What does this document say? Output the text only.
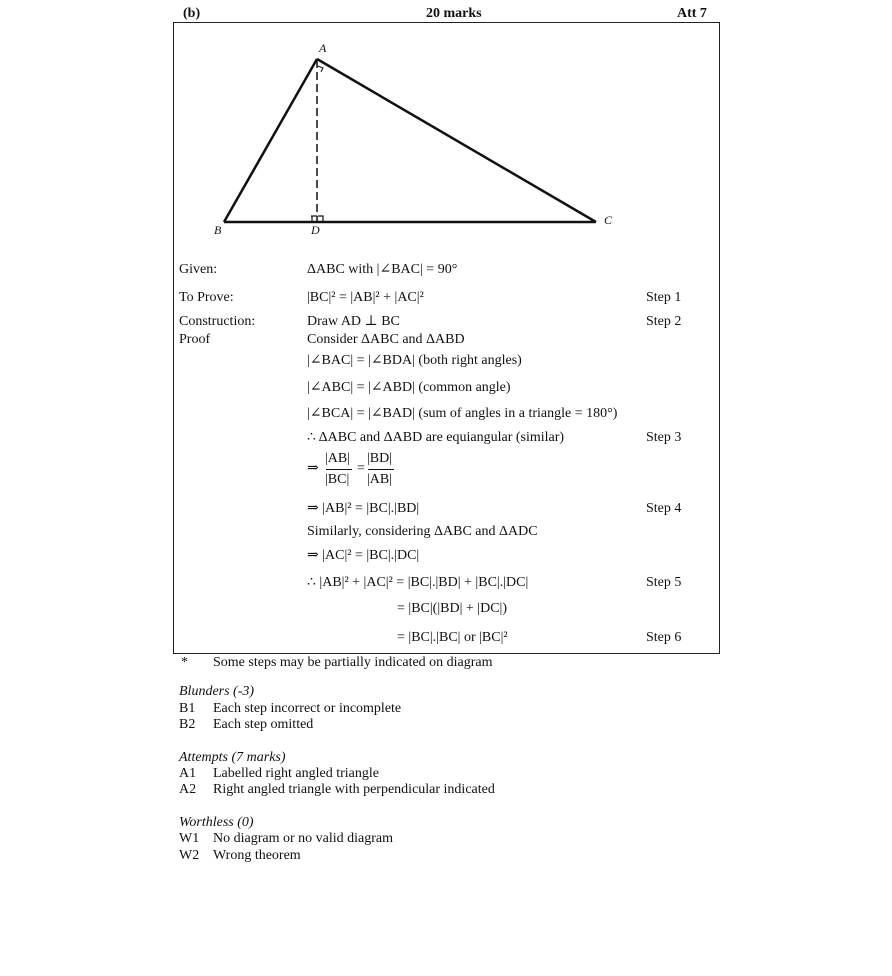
(b)	20 marks	Att 7
A
B
C
D
Given:
To Prove:
Construction:
Proof
ΔABC with |∠BAC| = 90°
|BC|² = |AB|² + |AC|²
Draw AD ⊥ BC
Consider ΔABC and ΔABD
|∠BAC| = |∠BDA| (both right angles)
|∠ABC| = |∠ABD| (common angle)
|∠BCA| = |∠BAD| (sum of angles in a triangle = 180°)
∴ ΔABC and ΔABD are equiangular (similar)
⇒
|AB|
|BC|
=
|BD|
|AB|
⇒ |AB|² = |BC|.|BD|
Similarly, considering ΔABC and ΔADC
⇒ |AC|² = |BC|.|DC|
∴ |AB|² + |AC|² = |BC|.|BD| + |BC|.|DC|
= |BC|(|BD| + |DC|)
= |BC|.|BC| or |BC|²
Step 1
Step 2
Step 3
Step 4
Step 5
Step 6
* Some steps may be partially indicated on diagram
Blunders (-3)
B1 Each step incorrect or incomplete
B2 Each step omitted
Attempts (7 marks)
A1 Labelled right angled triangle
A2 Right angled triangle with perpendicular indicated
Worthless (0)
W1 No diagram or no valid diagram
W2 Wrong theorem
